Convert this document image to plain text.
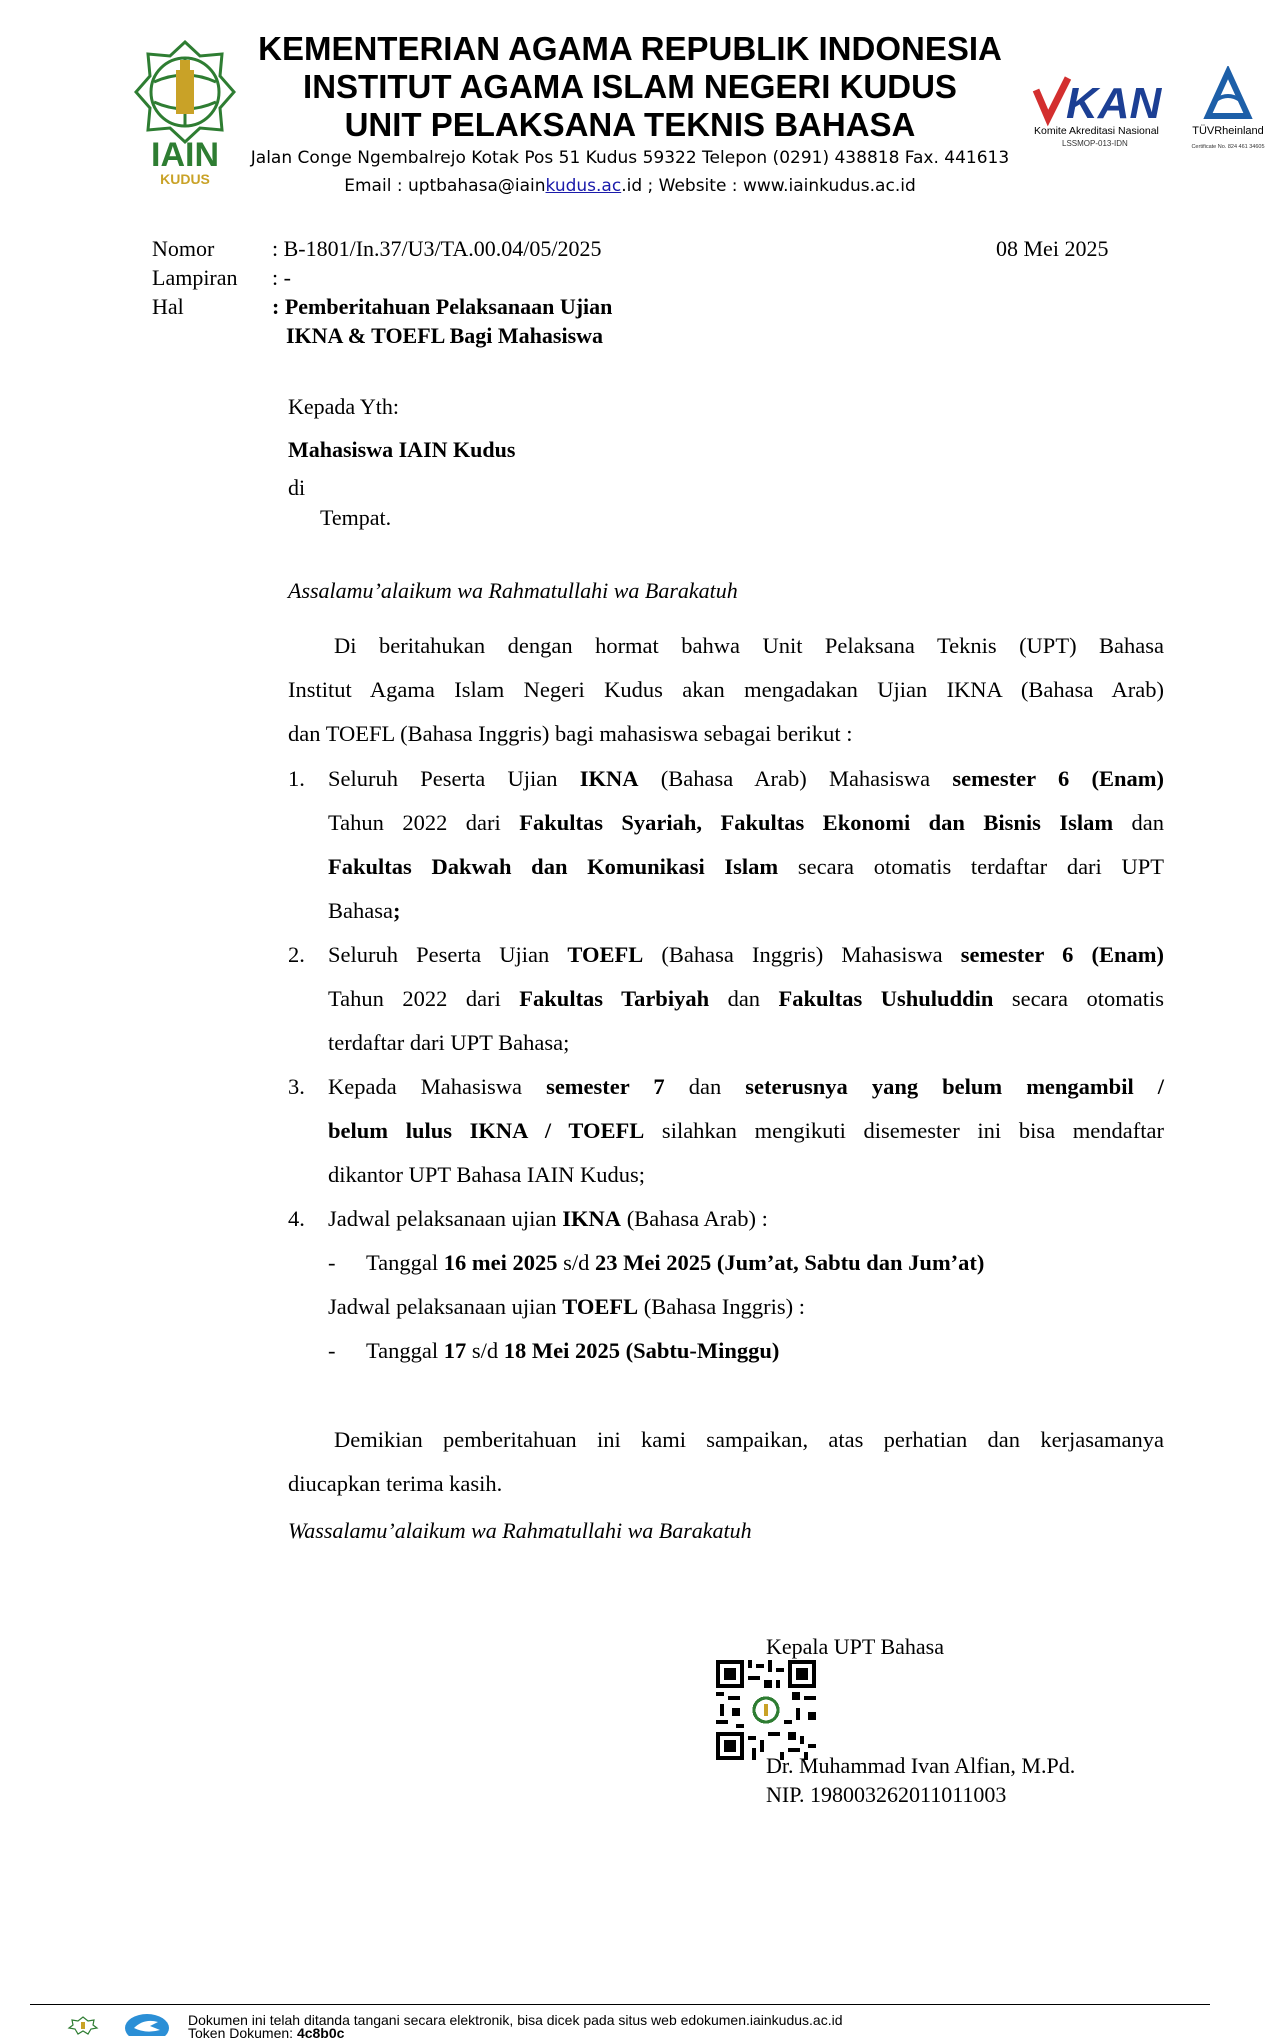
IAIN
KUDUS
KEMENTERIAN AGAMA REPUBLIK INDONESIA
INSTITUT AGAMA ISLAM NEGERI KUDUS
UNIT PELAKSANA TEKNIS BAHASA
Jalan Conge Ngembalrejo Kotak Pos 51 Kudus 59322 Telepon (0291) 438818 Fax. 441613
Email : uptbahasa@iainkudus.ac.id ; Website : www.iainkudus.ac.id
KAN
Komite Akreditasi Nasional
LSSMOP-013-IDN
TÜVRheinland
Certificate No. 824 461 34605
Nomor	: B-1801/In.37/U3/TA.00.04/05/2025	08 Mei 2025
Lampiran : -
Hal	: Pemberitahuan Pelaksanaan Ujian
IKNA & TOEFL Bagi Mahasiswa
Kepada Yth:
Mahasiswa IAIN Kudus
di
Tempat.
Assalamu’alaikum wa Rahmatullahi wa Barakatuh
Di beritahukan dengan hormat bahwa Unit Pelaksana Teknis (UPT) Bahasa
Institut Agama Islam Negeri Kudus akan mengadakan Ujian IKNA (Bahasa Arab)
dan TOEFL (Bahasa Inggris) bagi mahasiswa sebagai berikut :
1. Seluruh Peserta Ujian IKNA (Bahasa Arab) Mahasiswa semester 6 (Enam)
Tahun 2022 dari Fakultas Syariah, Fakultas Ekonomi dan Bisnis Islam dan
Fakultas Dakwah dan Komunikasi Islam secara otomatis terdaftar dari UPT
Bahasa;
2. Seluruh Peserta Ujian TOEFL (Bahasa Inggris) Mahasiswa semester 6 (Enam)
Tahun 2022 dari Fakultas Tarbiyah dan Fakultas Ushuluddin secara otomatis
terdaftar dari UPT Bahasa;
3. Kepada Mahasiswa semester 7 dan seterusnya yang belum mengambil /
belum lulus IKNA / TOEFL silahkan mengikuti disemester ini bisa mendaftar
dikantor UPT Bahasa IAIN Kudus;
4. Jadwal pelaksanaan ujian IKNA (Bahasa Arab) :
- Tanggal 16 mei 2025 s/d 23 Mei 2025 (Jum’at, Sabtu dan Jum’at)
Jadwal pelaksanaan ujian TOEFL (Bahasa Inggris) :
- Tanggal 17 s/d 18 Mei 2025 (Sabtu-Minggu)
Demikian pemberitahuan ini kami sampaikan, atas perhatian dan kerjasamanya
diucapkan terima kasih.
Wassalamu’alaikum wa Rahmatullahi wa Barakatuh
Kepala UPT Bahasa
Dr. Muhammad Ivan Alfian, M.Pd.
NIP. 198003262011011003
Dokumen ini telah ditanda tangani secara elektronik, bisa dicek pada situs web edokumen.iainkudus.ac.id
Token Dokumen: 4c8b0c
